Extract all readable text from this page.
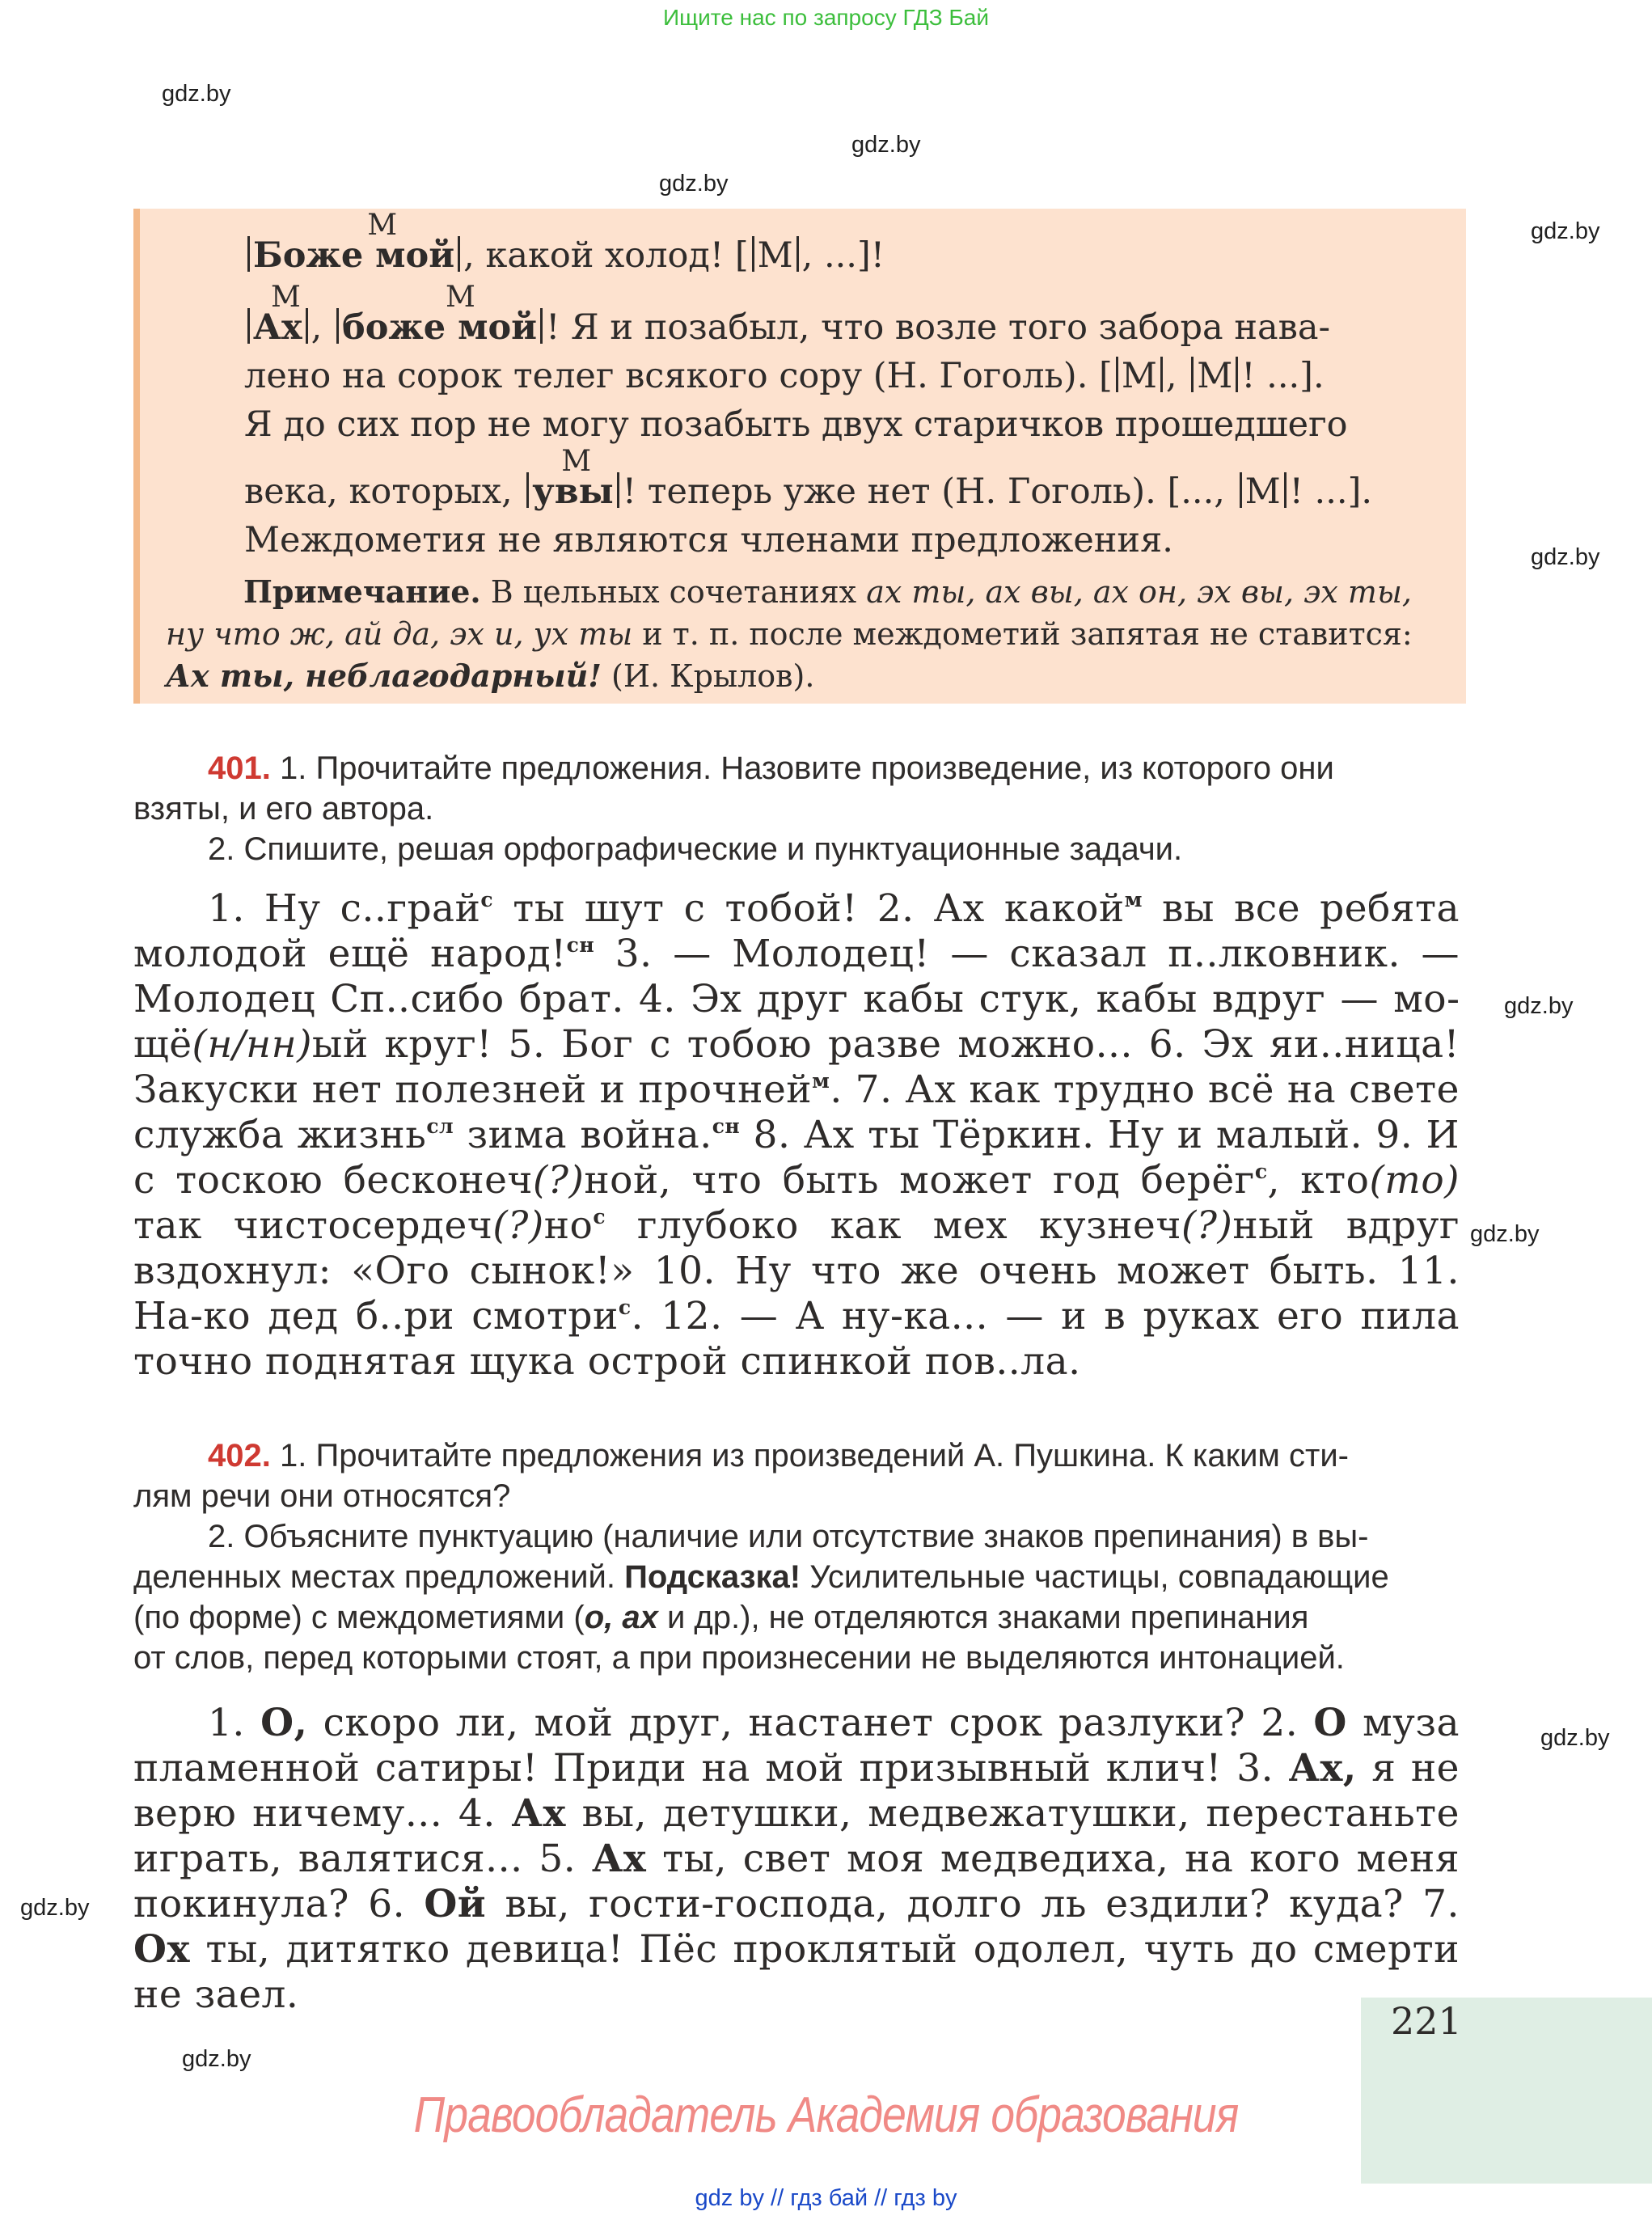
Ищите нас по запросу ГДЗ Бай
gdz.by
gdz.by
gdz.by
gdz.by
gdz.by
gdz.by
gdz.by
gdz.by
gdz.by
gdz.by
Боже
М
мой , какой холод! [ М , ...]!
М
Ах ,
М
боже мой ! Я и позабыл, что возле того забора нава-
лено на сорок телег всякого сору (Н. Гоголь). [ М , М ! ...].
Я до сих пор не могу позабыть двух старичков прошедшего
века, которых,
М
увы ! теперь уже нет (Н. Гоголь). [..., М ! ...].
Междометия не являются членами предложения.
Примечание. В цельных сочетаниях ах ты, ах вы, ах он, эх вы, эх ты, ну что ж, ай да, эх и, ух ты и т. п. после междометий запятая не ставится: Ах ты, неблагодарный! (И. Крылов).
401. 1. Прочитайте предложения. Назовите произведение, из которого они
взяты, и его автора.
2. Спишите, решая орфографические и пунктуационные задачи.
1. Ну с..грай$^с$ ты шут с тобой! 2. Ах какой$^м$ вы все ребята молодой ещё народ!$^{сн}$ 3. — Молодец! — сказал п..лковник. — Молодец Сп..сибо брат. 4. Эх друг кабы стук, кабы вдруг — мощё(н/нн)ый круг! 5. Бог с тобою разве можно... 6. Эх яи..ница! Закуски нет полезней и прочней$^м$. 7. Ах как трудно всё на свете служба жизнь$^{сл}$ зима война.$^{сн}$ 8. Ах ты Тёркин. Ну и малый. 9. И с тоскою бесконеч(?)ной, что быть может год берёг$^с$, кто(то) так $чистосердеч(?)но^с$ глубоко как мех кузнеч(?)ный вдруг вздохнул: «Ого сынок!» 10. Ну что же очень может быть. 11. На-ко дед б..ри смотри$^с$. 12. — А ну-ка... — и в руках его пила точно поднятая щука острой спинкой пов..ла.
402. 1. Прочитайте предложения из произведений А. Пушкина. К каким сти-
лям речи они относятся?
2. Объясните пунктуацию (наличие или отсутствие знаков препинания) в вы-
деленных местах предложений. Подсказка! Усилительные частицы, совпадающие
(по форме) с междометиями (о, ах и др.), не отделяются знаками препинания
от слов, перед которыми стоят, а при произнесении не выделяются интонацией.
1. О, скоро ли, мой друг, настанет срок разлуки? 2. О муза пламенной сатиры! Приди на мой призывный клич! 3. Ах, я не верю ничему... 4. Ах вы, детушки, медвежатушки, перестаньте играть, валятися... 5. Ах ты, свет моя медведиха, на кого меня покинула? 6. Ой вы, гости-господа, долго ль ездили? куда? 7. Ох ты, дитятко девица! Пёс проклятый одолел, чуть до смерти не заел.
221
Правообладатель Академия образования
gdz by // гдз бай // гдз by
